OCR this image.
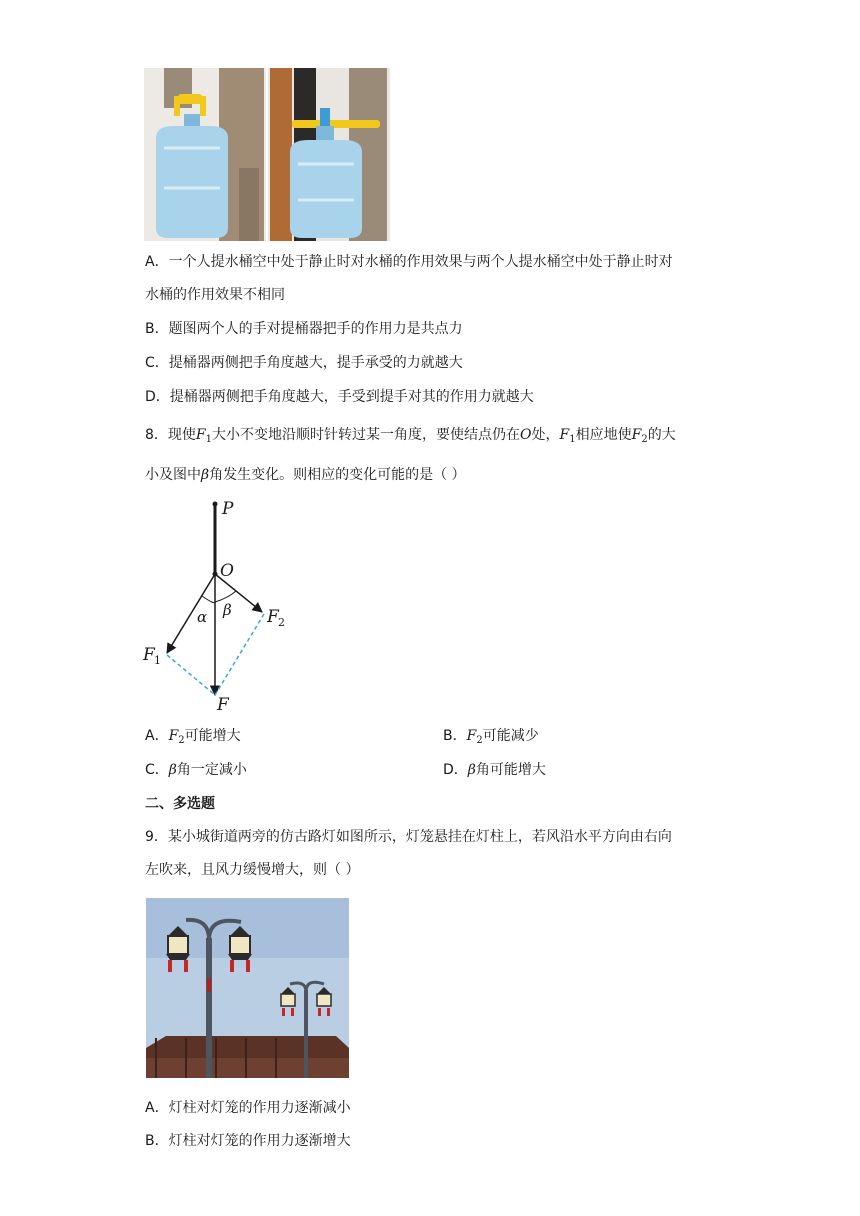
A．一个人提水桶空中处于静止时对水桶的作用效果与两个人提水桶空中处于静止时对
水桶的作用效果不相同
B．题图两个人的手对提桶器把手的作用力是共点力
C．提桶器两侧把手角度越大，提手承受的力就越大
D．提桶器两侧把手角度越大，手受到提手对其的作用力就越大
8．现使$F_1$大小不变地沿顺时针转过某一角度，要使结点仍在O处，$F_1$相应地使$F_2$的大
小及图中β角发生变化。则相应的变化可能的是（ ）
P
O
α β F 2
F 1
F
A．$F_2$可能增大	B．$F_2$可能减少
C．β角一定减小	D．β角可能增大
二、多选题
9．某小城街道两旁的仿古路灯如图所示，灯笼悬挂在灯柱上，若风沿水平方向由右向
左吹来，且风力缓慢增大，则（ ）
A．灯柱对灯笼的作用力逐渐减小
B．灯柱对灯笼的作用力逐渐增大
